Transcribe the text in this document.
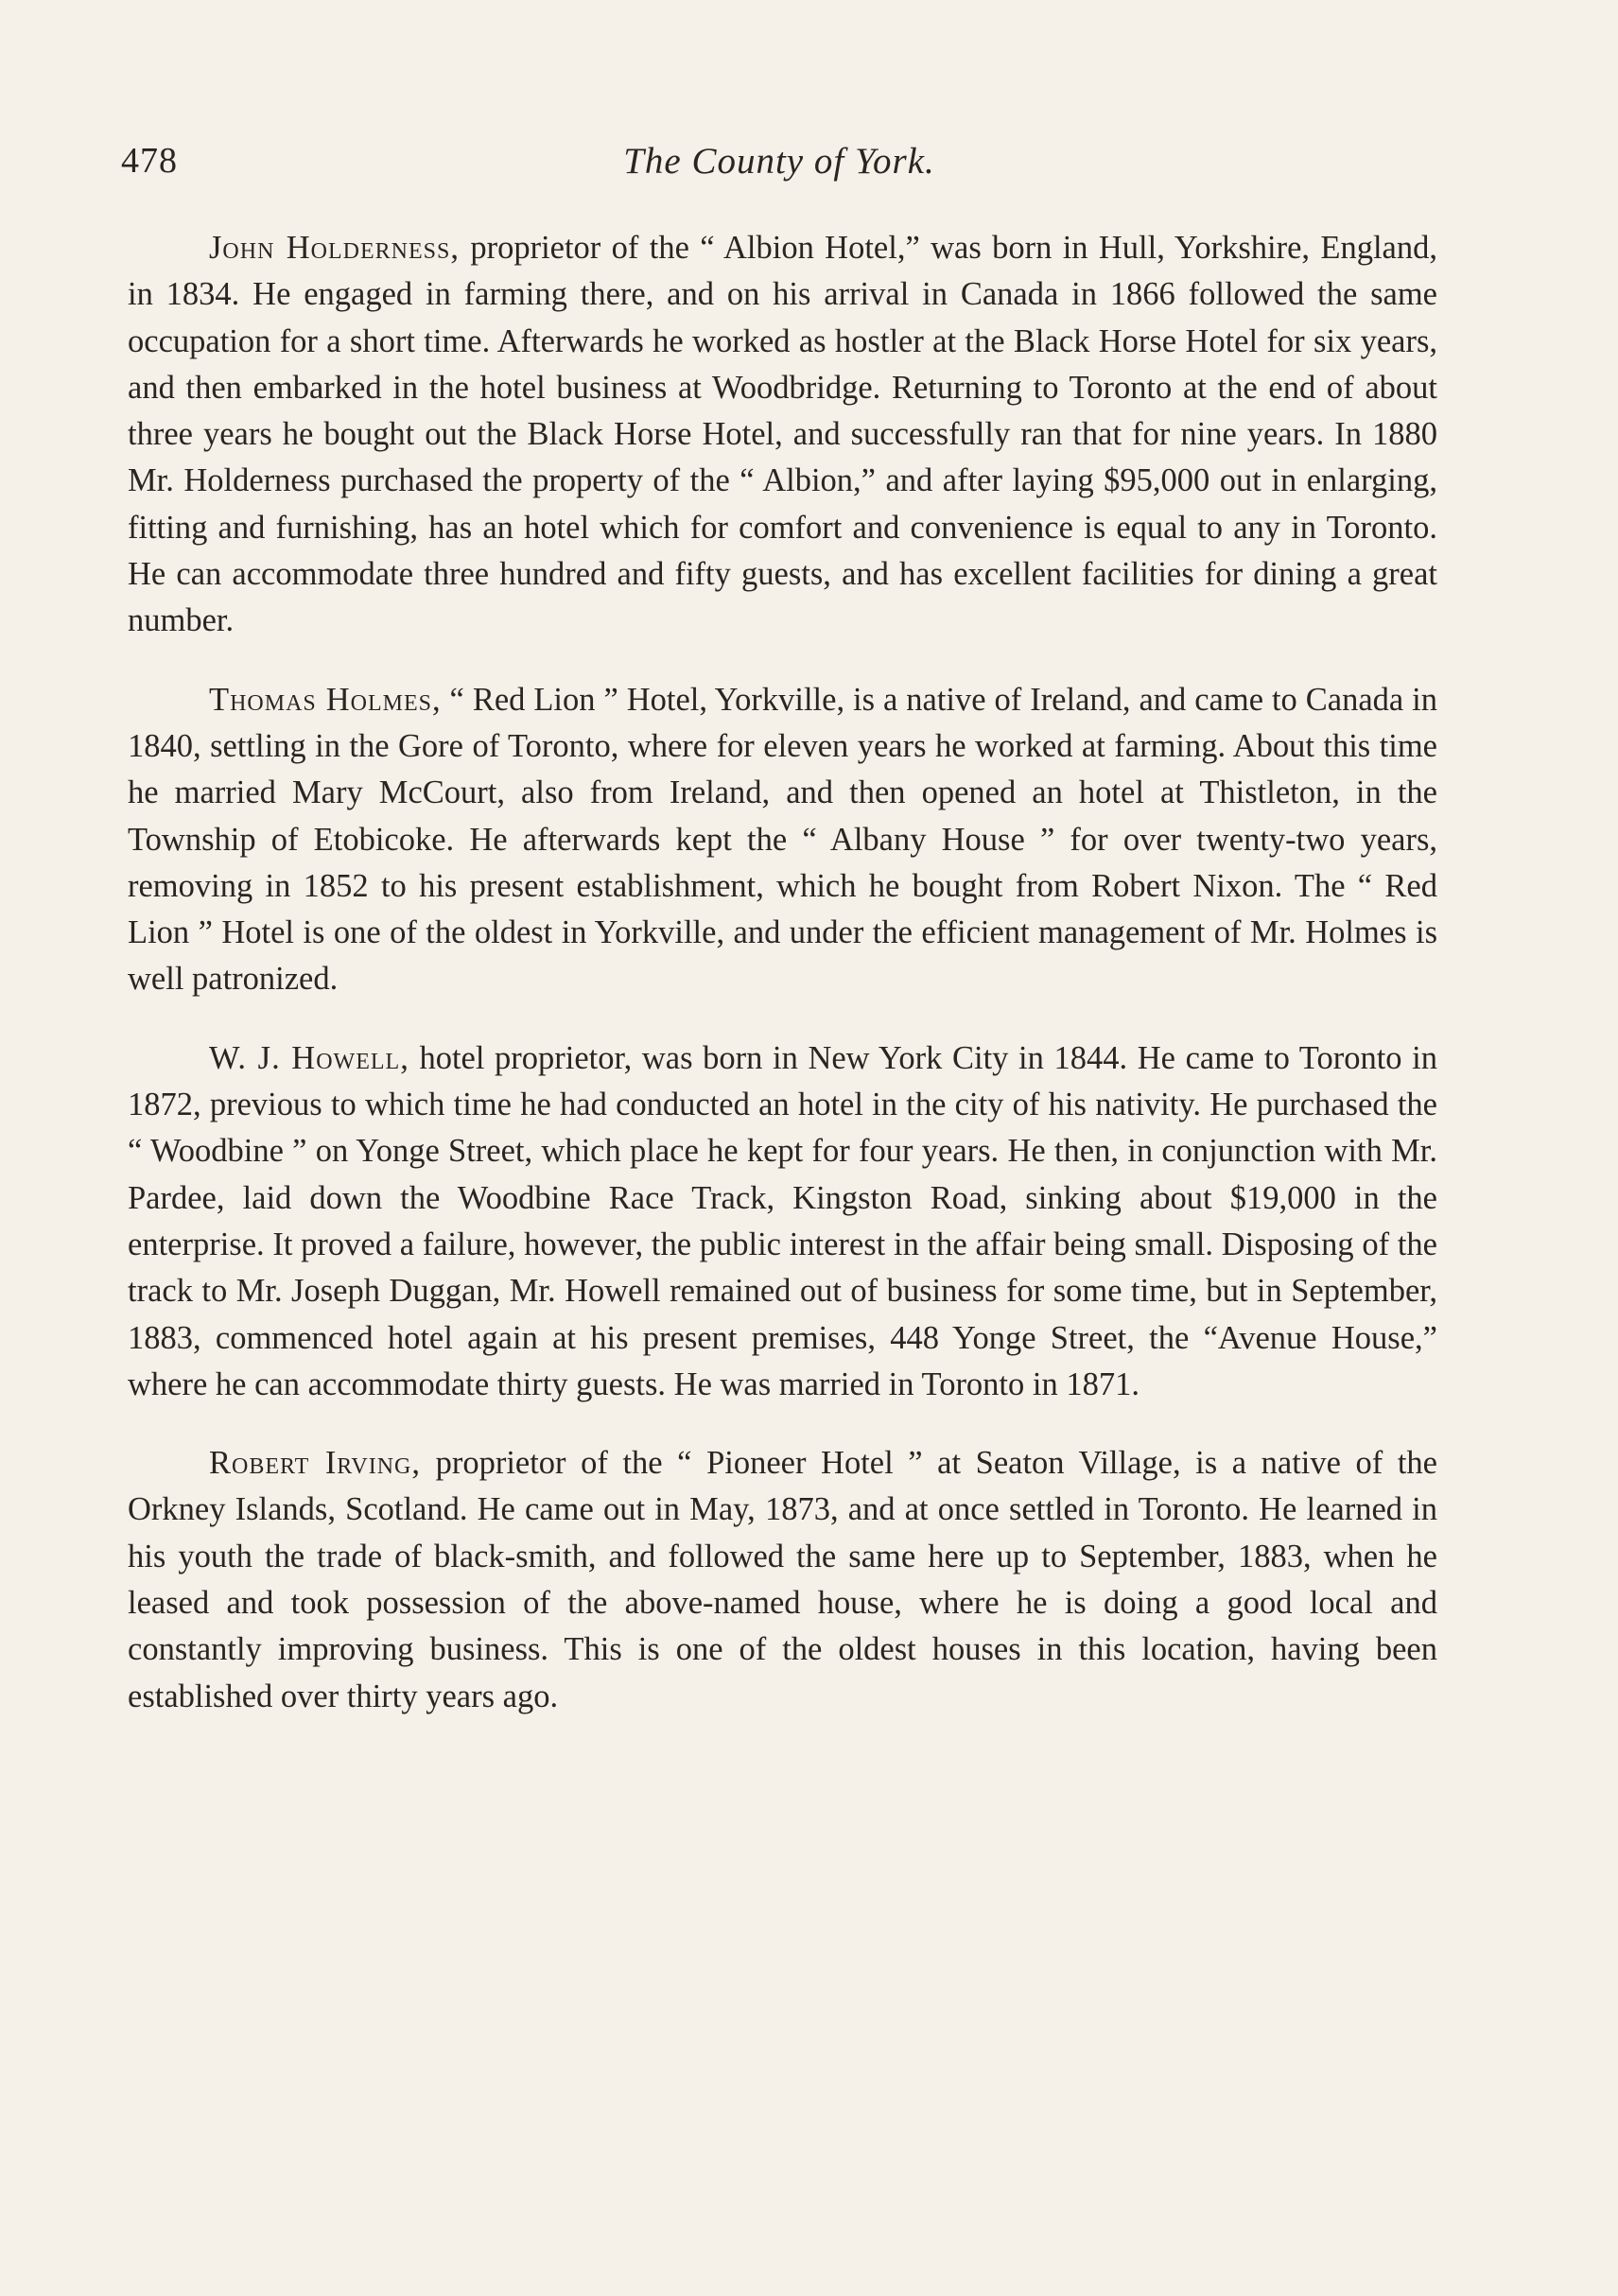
478	The County of York.

John Holderness, proprietor of the “ Albion Hotel,” was born in Hull, Yorkshire, England, in 1834. He engaged in farming there, and on his arrival in Canada in 1866 followed the same occupation for a short time. Afterwards he worked as hostler at the Black Horse Hotel for six years, and then embarked in the hotel business at Woodbridge. Returning to Toronto at the end of about three years he bought out the Black Horse Hotel, and successfully ran that for nine years. In 1880 Mr. Holderness purchased the property of the “ Albion,” and after laying $95,000 out in enlarging, fitting and furnishing, has an hotel which for comfort and convenience is equal to any in Toronto. He can accommodate three hundred and fifty guests, and has excellent facilities for dining a great number.

Thomas Holmes, “ Red Lion ” Hotel, Yorkville, is a native of Ireland, and came to Canada in 1840, settling in the Gore of Toronto, where for eleven years he worked at farming. About this time he married Mary McCourt, also from Ireland, and then opened an hotel at Thistleton, in the Township of Etobicoke. He afterwards kept the “ Albany House ” for over twenty-two years, removing in 1852 to his present establishment, which he bought from Robert Nixon. The “ Red Lion ” Hotel is one of the oldest in Yorkville, and under the efficient management of Mr. Holmes is well patronized.

W. J. Howell, hotel proprietor, was born in New York City in 1844. He came to Toronto in 1872, previous to which time he had conducted an hotel in the city of his nativity. He purchased the “ Woodbine ” on Yonge Street, which place he kept for four years. He then, in conjunction with Mr. Pardee, laid down the Woodbine Race Track, Kingston Road, sinking about $19,000 in the enterprise. It proved a failure, however, the public interest in the affair being small. Disposing of the track to Mr. Joseph Duggan, Mr. Howell remained out of business for some time, but in September, 1883, commenced hotel again at his present premises, 448 Yonge Street, the “Avenue House,” where he can accommodate thirty guests. He was married in Toronto in 1871.

Robert Irving, proprietor of the “ Pioneer Hotel ” at Seaton Village, is a native of the Orkney Islands, Scotland. He came out in May, 1873, and at once settled in Toronto. He learned in his youth the trade of black-smith, and followed the same here up to September, 1883, when he leased and took possession of the above-named house, where he is doing a good local and constantly improving business. This is one of the oldest houses in this location, having been established over thirty years ago.
